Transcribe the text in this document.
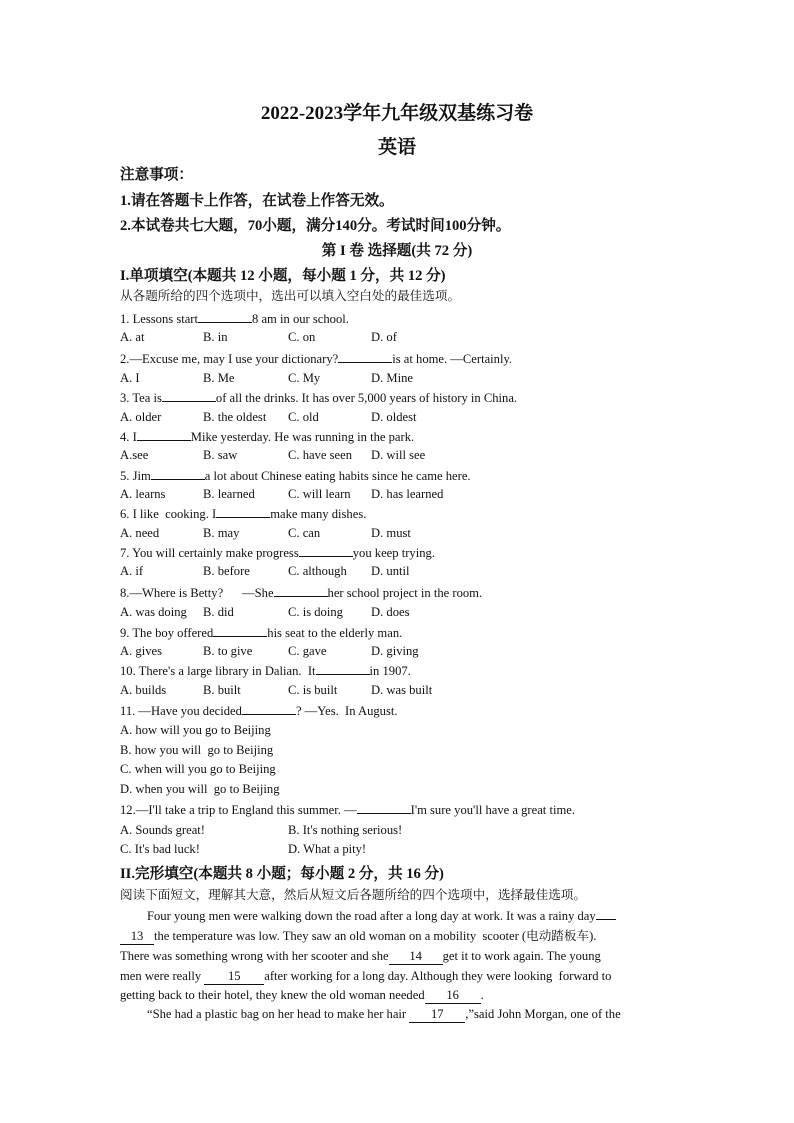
2022-2023学年九年级双基练习卷
英语
注意事项：
1.请在答题卡上作答，在试卷上作答无效。
2.本试卷共七大题，70小题，满分140分。考试时间100分钟。
第 I 卷 选择题(共 72 分)
I.单项填空(本题共 12 小题，每小题 1 分，共 12 分)
从各题所给的四个选项中，选出可以填入空白处的最佳选项。
1. Lessons start	8 am in our school.
A. at	B. in	C. on	D. of
2.—Excuse me, may I use your dictionary?	is at home. —Certainly.
A. I	B. Me	C. My	D. Mine
3. Tea is	of all the drinks. It has over 5,000 years of history in China.
A. older	B. the oldest C. old	D. oldest
4. I	Mike yesterday. He was running in the park.
A.see	B. saw	C. have seen D. will see
5. Jim	a lot about Chinese eating habits since he came here.
A. learns	B. learned	C. will learn D. has learned
6. I like  cooking. I	make many dishes.
A. need	B. may	C. can	D. must
7. You will certainly make progress	you keep trying.
A. if	B. before	C. although D. until
8.—Where is Betty?      —She	her school project in the room.
A. was doing B. did	C. is doing D. does
9. The boy offered	his seat to the elderly man.
A. gives	B. to give	C. gave	D. giving
10. There's a large library in Dalian.  It	in 1907.
A. builds	B. built	C. is built	D. was built
11. —Have you decided	? —Yes.  In August.
A. how will you go to Beijing
B. how you will  go to Beijing
C. when will you go to Beijing
D. when you will  go to Beijing
12.—I'll take a trip to England this summer. —	I'm sure you'll have a great time.
A. Sounds great!	B. It's nothing serious!
C. It's bad luck!	D. What a pity!
II.完形填空(本题共 8 小题；每小题 2 分，共 16 分)
阅读下面短文，理解其大意，然后从短文后各题所给的四个选项中，选择最佳选项。
Four young men were walking down the road after a long day at work. It was a rainy day
13 the temperature was low. They saw an old woman on a mobility  scooter (电动踏板车).
There was something wrong with her scooter and she 14 get it to work again. The young
men were really 15 after working for a long day. Although they were looking  forward to
getting back to their hotel, they knew the old woman needed 16 .
“She had a plastic bag on her head to make her hair 17 ,”said John Morgan, one of the
